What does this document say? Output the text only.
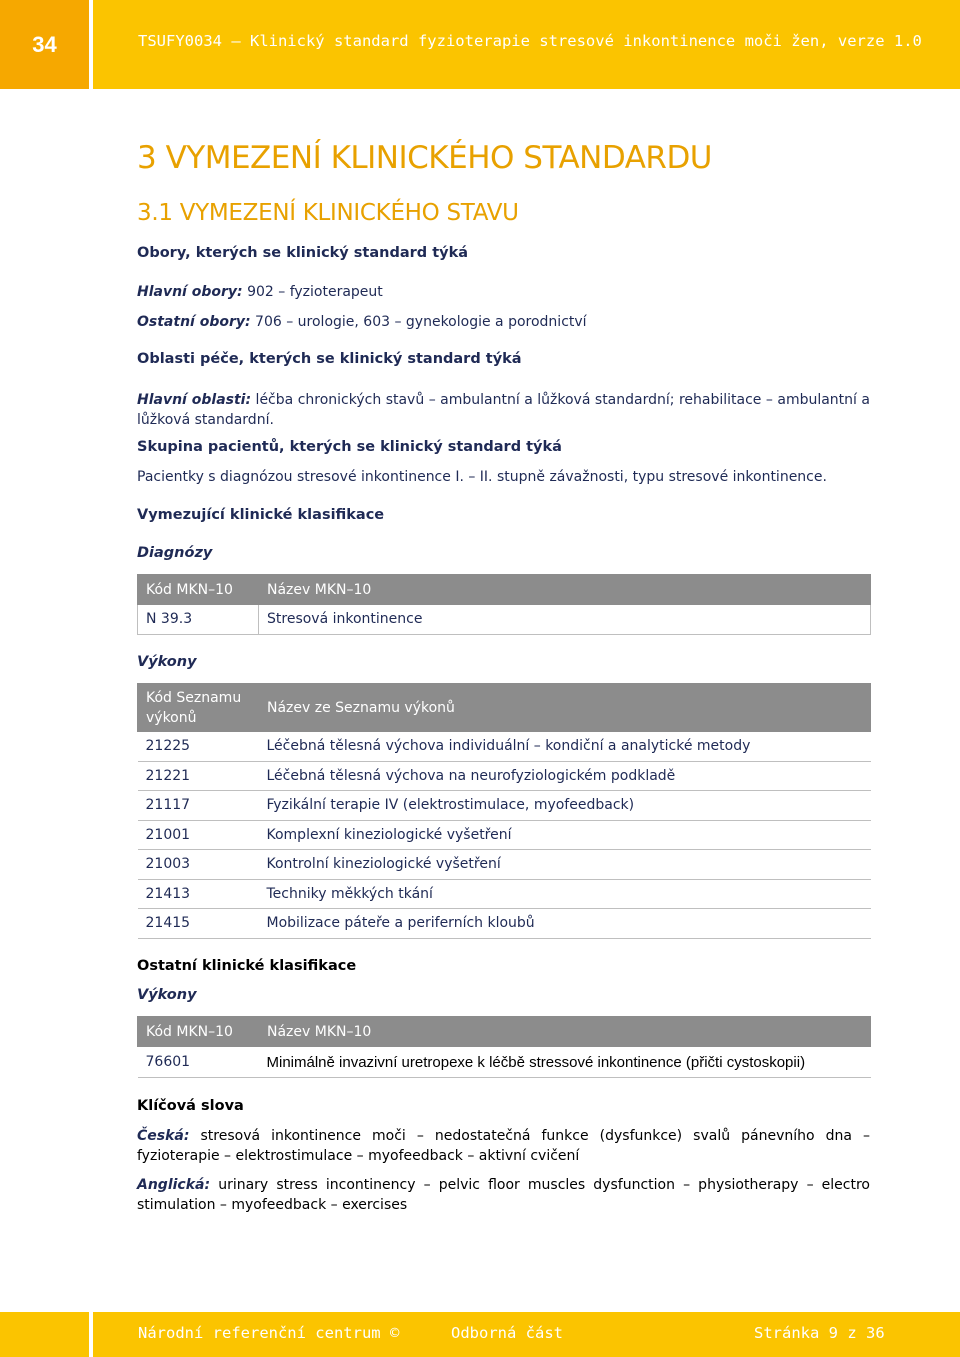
34	TSUFY0034 – Klinický standard fyzioterapie stresové inkontinence moči žen, verze 1.0
3 VYMEZENÍ KLINICKÉHO STANDARDU
3.1 VYMEZENÍ KLINICKÉHO STAVU
Obory, kterých se klinický standard týká
Hlavní obory: 902 – fyzioterapeut
Ostatní obory: 706 – urologie, 603 – gynekologie a porodnictví
Oblasti péče, kterých se klinický standard týká
Hlavní oblasti: léčba chronických stavů – ambulantní a lůžková standardní; rehabilitace – ambulantní a lůžková standardní.
Skupina pacientů, kterých se klinický standard týká
Pacientky s diagnózou stresové inkontinence I. – II. stupně závažnosti, typu stresové inkontinence.
Vymezující klinické klasifikace
Diagnózy
Kód MKN–10	Název MKN–10
N 39.3	Stresová inkontinence
Výkony
Kód Seznamu výkonů	Název ze Seznamu výkonů
21225	Léčebná tělesná výchova individuální – kondiční a analytické metody
21221	Léčebná tělesná výchova na neurofyziologickém podkladě
21117	Fyzikální terapie IV (elektrostimulace, myofeedback)
21001	Komplexní kineziologické vyšetření
21003	Kontrolní kineziologické vyšetření
21413	Techniky měkkých tkání
21415	Mobilizace páteře a periferních kloubů
Ostatní klinické klasifikace
Výkony
Kód MKN–10	Název MKN–10
76601	Minimálně invazivní uretropexe k léčbě stressové inkontinence (přičti cystoskopii)
Klíčová slova
Česká: stresová inkontinence moči – nedostatečná funkce (dysfunkce) svalů pánevního dna – fyzioterapie – elektrostimulace – myofeedback – aktivní cvičení
Anglická: urinary stress incontinency – pelvic floor muscles dysfunction – physiotherapy – electro stimulation – myofeedback – exercises
Národní referenční centrum ©	Odborná část	Stránka 9 z 36
